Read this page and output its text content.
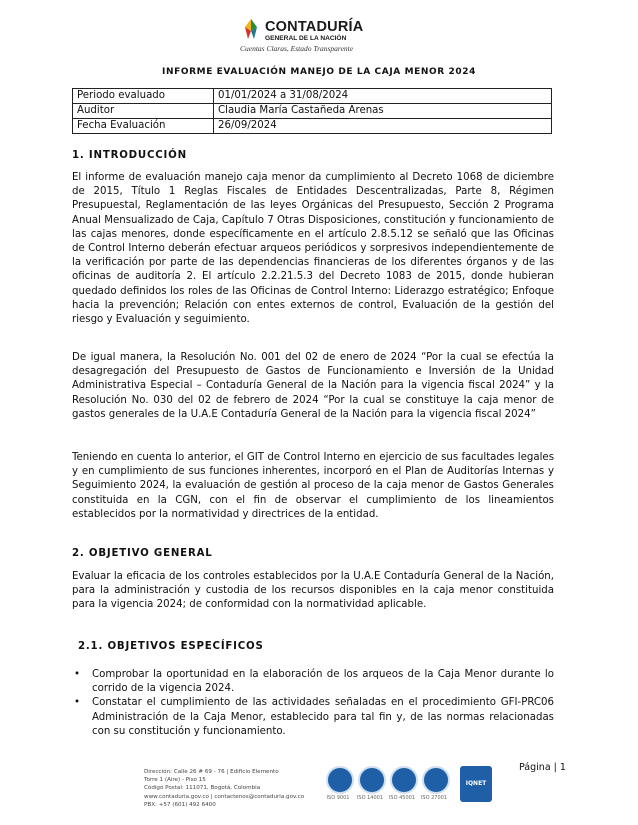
CONTADURÍA
GENERAL DE LA NACIÓN
Cuentas Claras, Estado Transparente
INFORME EVALUACIÓN MANEJO DE LA CAJA MENOR 2024
Periodo evaluado	01/01/2024 a 31/08/2024
Auditor	Claudia María Castañeda Arenas
Fecha Evaluación	26/09/2024
1. INTRODUCCIÓN
El informe de evaluación manejo caja menor da cumplimiento al Decreto 1068 de diciembre de 2015, Título 1 Reglas Fiscales de Entidades Descentralizadas, Parte 8, Régimen Presupuestal, Reglamentación de las leyes Orgánicas del Presupuesto, Sección 2 Programa Anual Mensualizado de Caja, Capítulo 7 Otras Disposiciones, constitución y funcionamiento de las cajas menores, donde específicamente en el artículo 2.8.5.12 se señaló que las Oficinas de Control Interno deberán efectuar arqueos periódicos y sorpresivos independientemente de la verificación por parte de las dependencias financieras de los diferentes órganos y de las oficinas de auditoría 2. El artículo 2.2.21.5.3 del Decreto 1083 de 2015, donde hubieran quedado definidos los roles de las Oficinas de Control Interno: Liderazgo estratégico; Enfoque hacia la prevención; Relación con entes externos de control, Evaluación de la gestión del riesgo y Evaluación y seguimiento.
De igual manera, la Resolución No. 001 del 02 de enero de 2024 “Por la cual se efectúa la desagregación del Presupuesto de Gastos de Funcionamiento e Inversión de la Unidad Administrativa Especial – Contaduría General de la Nación para la vigencia fiscal 2024” y la Resolución No. 030 del 02 de febrero de 2024 “Por la cual se constituye la caja menor de gastos generales de la U.A.E Contaduría General de la Nación para la vigencia fiscal 2024”
Teniendo en cuenta lo anterior, el GIT de Control Interno en ejercicio de sus facultades legales y en cumplimiento de sus funciones inherentes, incorporó en el Plan de Auditorías Internas y Seguimiento 2024, la evaluación de gestión al proceso de la caja menor de Gastos Generales constituida en la CGN, con el fin de observar el cumplimiento de los lineamientos establecidos por la normatividad y directrices de la entidad.
2. OBJETIVO GENERAL
Evaluar la eficacia de los controles establecidos por la U.A.E Contaduría General de la Nación, para la administración y custodia de los recursos disponibles en la caja menor constituida para la vigencia 2024; de conformidad con la normatividad aplicable.
2.1. OBJETIVOS ESPECÍFICOS
• Comprobar la oportunidad en la elaboración de los arqueos de la Caja Menor durante lo corrido de la vigencia 2024.
• Constatar el cumplimiento de las actividades señaladas en el procedimiento GFI-PRC06 Administración de la Caja Menor, establecido para tal fin y, de las normas relacionadas con su constitución y funcionamiento.
Dirección: Calle 26 # 69 - 76 | Edificio Elemento
Torre 1 (Aire) - Piso 15
Código Postal: 111071, Bogotá, Colombia
www.contaduria.gov.co | contactenos@contaduria.gov.co
PBX: +57 (601) 492 6400
ISO 9001	ISO 14001 ISO 45001 ISO 27001
IQNET
Página | 1
